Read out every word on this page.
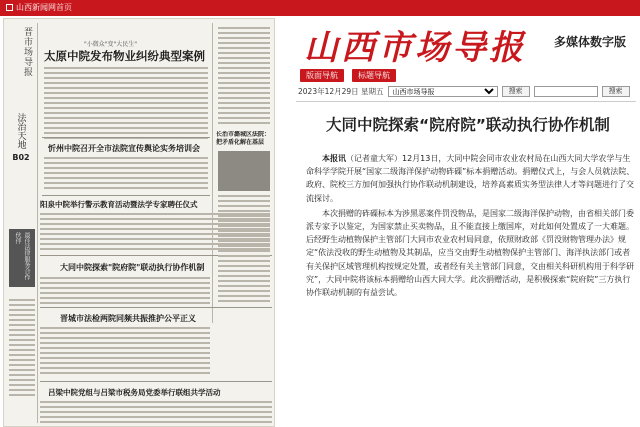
山西新闻网首页
晋市场导报
法治天地
B02
最佳法律服务合作伙伴
"小微众"变"大民生"
太原中院发布物业纠纷典型案例
忻州中院召开全市法院宣传舆论实务培训会
阳泉中院举行警示教育活动暨法学专家聘任仪式
大同中院探索"院府院"联动执行协作机制
晋城市法检两院同频共振推护公平正义
吕梁中院党组与吕梁市税务局党委举行联组共学活动
长治市潞城区法院：把矛盾化解在基层
山西市场导报 多媒体数字版
版面导航	标题导航
2023年12月29日 星期五
山西市场导报	搜索	搜索
大同中院探索“院府院”联动执行协作机制

本报讯（记者童大军）12月13日，大同中院会同市农业农村局在山西大同大学农学与生命科学学院开展“国家二级海洋保护动物砗磲”标本捐赠活动。捐赠仪式上，与会人员就法院、政府、院校三方加何加强执行协作联动机制建设，培养高素质实务型法律人才等问题进行了交流探讨。

本次捐赠的砗磲标本为涉黑恶案件罚没物品，是国家二级海洋保护动物，由省相关部门委派专家予以鉴定，为国家禁止买卖物品，且不能直接上缴国库，对此如何处置成了一大难题。后经野生动植物保护主管部门大同市农业农村局同意，依照财政部《罚没财物管理办法》规定“依法没收的野生动植物及其制品，应当交由野生动植物保护主管部门、海洋执法部门或者有关保护区域管理机构按规定处置，或者经有关主管部门同意，交由相关科研机构用于科学研究”，大同中院将该标本捐赠给山西大同大学。此次捐赠活动，是积极探索“院府院”三方执行协作联动机制的有益尝试。
